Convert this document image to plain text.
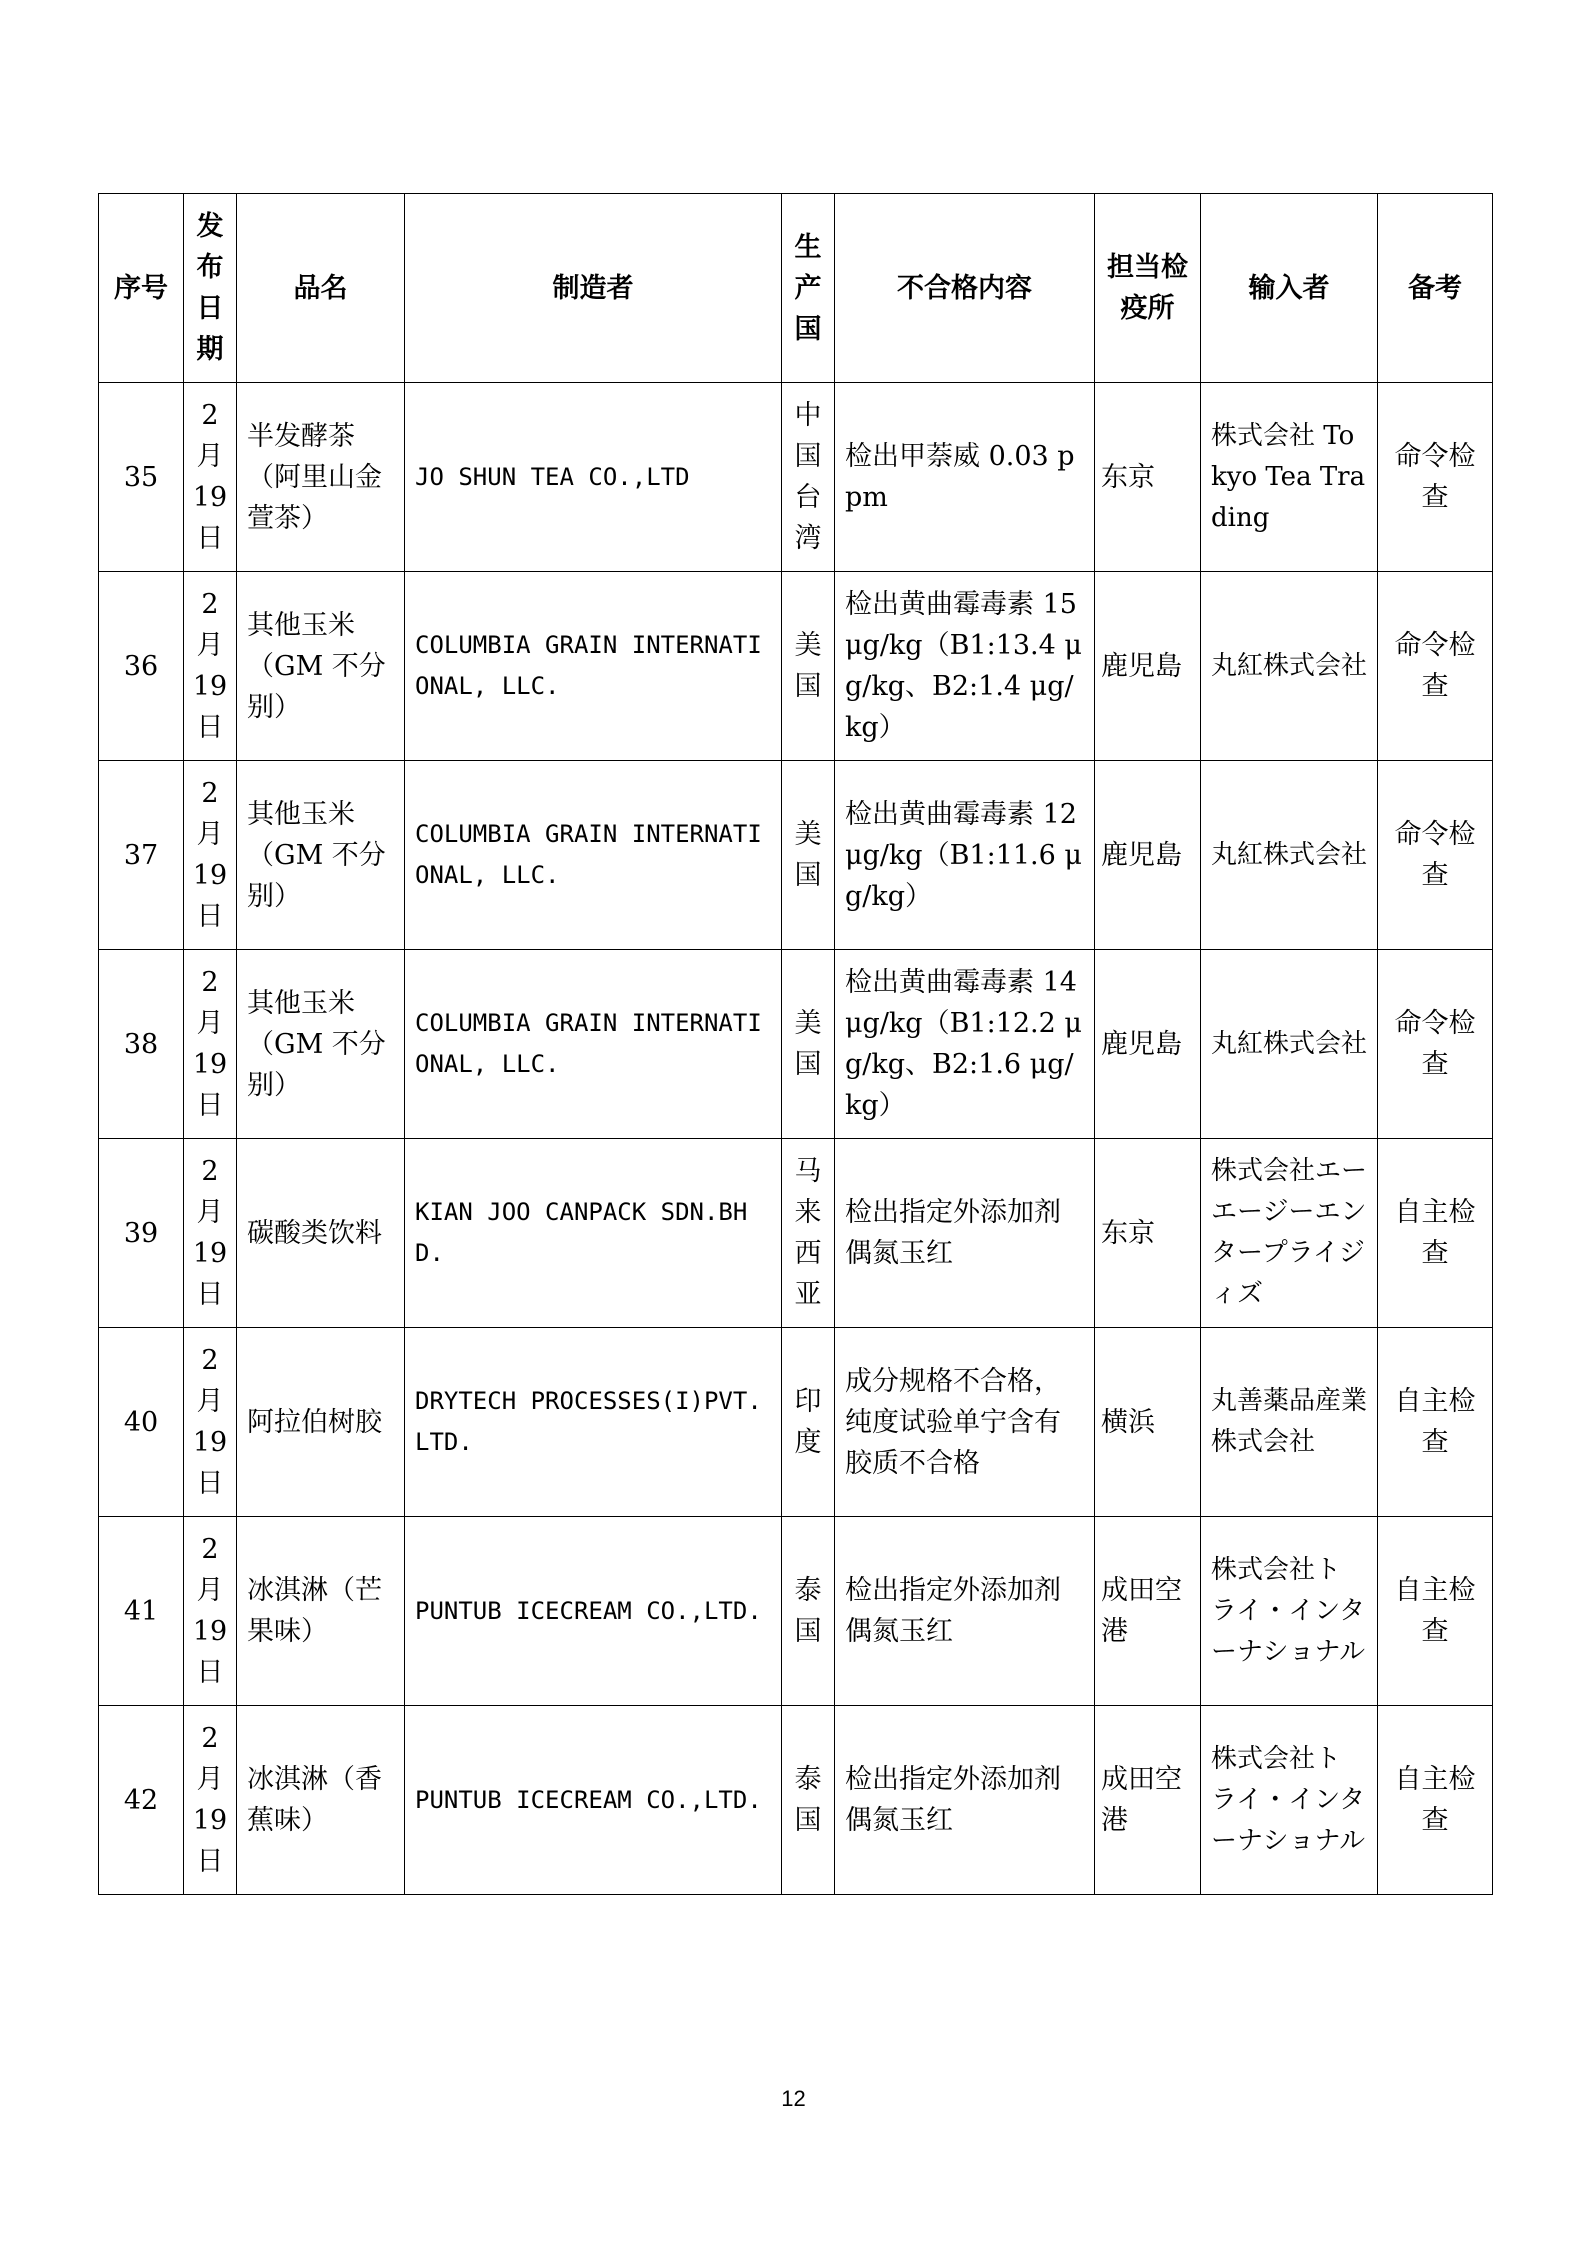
序号	发布日期	品名	制造者	生产国	不合格内容	担当检疫所	输入者	备考
35	2月19日	半发酵茶（阿里山金萱茶）	JO SHUN TEA CO.,LTD	中国台湾	检出甲萘威 0.03 ppm	东京	株式会社 Tokyo Tea Trading	命令检查
36	2月19日	其他玉米（GM 不分别）	COLUMBIA GRAIN INTERNATIONAL, LLC.	美国	检出黄曲霉毒素 15 μg/kg（B1:13.4 μg/kg、B2:1.4 μg/kg）	鹿児島	丸紅株式会社	命令检查
37	2月19日	其他玉米（GM 不分别）	COLUMBIA GRAIN INTERNATIONAL, LLC.	美国	检出黄曲霉毒素 12 μg/kg（B1:11.6 μg/kg）	鹿児島	丸紅株式会社	命令检查
38	2月19日	其他玉米（GM 不分别）	COLUMBIA GRAIN INTERNATIONAL, LLC.	美国	检出黄曲霉毒素 14 μg/kg（B1:12.2 μg/kg、B2:1.6 μg/kg）	鹿児島	丸紅株式会社	命令检查
39	2月19日	碳酸类饮料	KIAN JOO CANPACK SDN.BHD.	马来西亚	检出指定外添加剂偶氮玉红	东京	株式会社エーエージーエンタープライジィズ	自主检查
40	2月19日	阿拉伯树胶	DRYTECH PROCESSES(I)PVT.LTD.	印度	成分规格不合格，纯度试验单宁含有胶质不合格	横浜	丸善薬品産業株式会社	自主检查
41	2月19日	冰淇淋（芒果味）	PUNTUB ICECREAM CO.,LTD.	泰国	检出指定外添加剂偶氮玉红	成田空港	株式会社トライ・インターナショナル	自主检查
42	2月19日	冰淇淋（香蕉味）	PUNTUB ICECREAM CO.,LTD.	泰国	检出指定外添加剂偶氮玉红	成田空港	株式会社トライ・インターナショナル	自主检查
12
